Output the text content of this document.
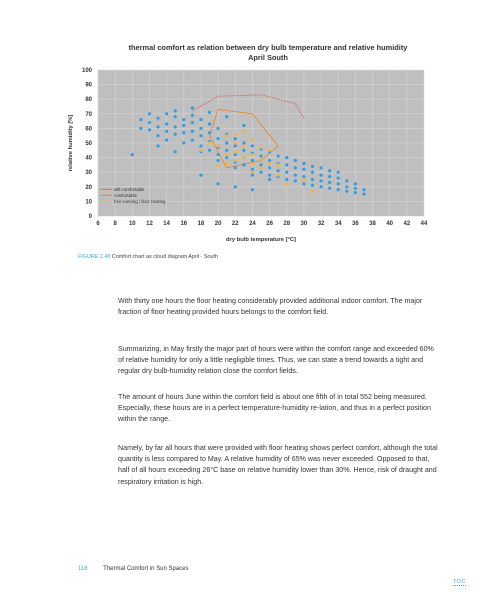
thermal comfort as relation between dry bulb temperature and relative humidity
April South
6 8 10 12 14 16 18 20 22 24 26 28 30 32 34 36 38 40 42 44
0
10
20
30
40
50
60
70
80
90
100
still comfortable
comfortable
free-running / floor heating
dry bulb temperature [°C]
relative humidity [%]
FIGURE 2.48 Comfort chart as cloud diagram April - South

With thirty one hours the floor heating considerably provided additional indoor comfort. The major fraction of floor heating provided hours belongs to the comfort field.

Summarizing, in May firstly the major part of hours were within the comfort range and exceeded 60% of relative humidity for only a little negligible times. Thus, we can state a trend towards a tight and regular dry bulb-humidity relation close the comfort fields.

The amount of hours June within the comfort field is about one fifth of in total 552 being measured. Especially, these hours are in a perfect temperature-humidity re-lation, and thus in a perfect position within the range.

Namely, by far all hours that were provided with floor heating shows perfect comfort, although the total quantity is less compared to May. A relative humidity of 65% was never exceeded. Opposed to that, half of all hours exceeding 26°C base on relative humidity lower than 30%. Hence, risk of draught and respiratory irritation is high.

116	Thermal Comfort in Sun Spaces
TOC
